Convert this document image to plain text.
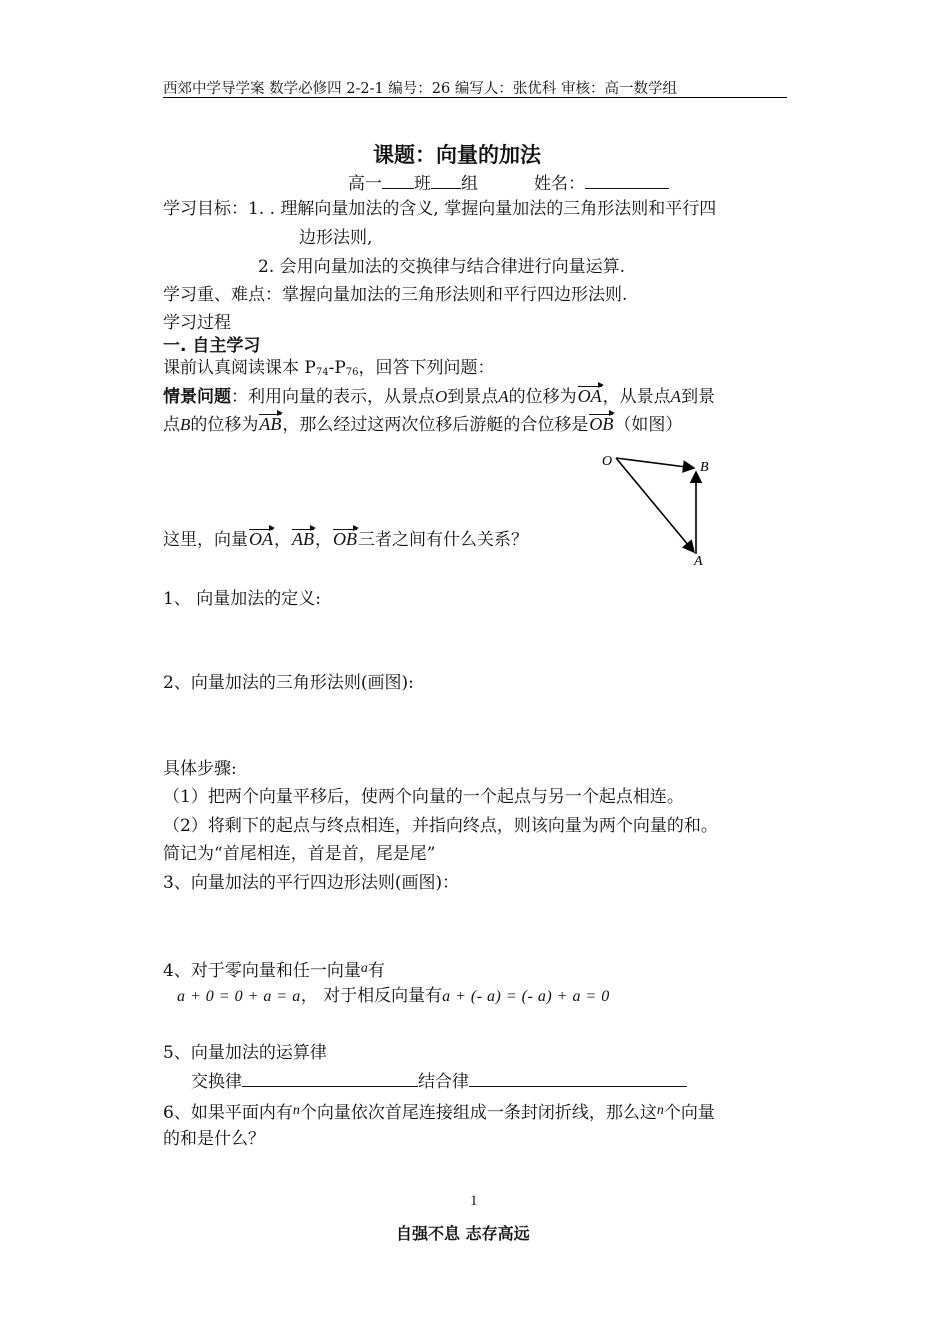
西郊中学导学案 数学必修四 2-2-1 编号：26 编写人：张优科 审核：高一数学组
课题：向量的加法
高一 班 组	姓名：
学习目标：1. . 理解向量加法的含义, 掌握向量加法的三角形法则和平行四
边形法则,
2. 会用向量加法的交换律与结合律进行向量运算.
学习重、难点：掌握向量加法的三角形法则和平行四边形法则.
学习过程
一. 自主学习
课前认真阅读课本 $P_{74}-P_{76}$，回答下列问题：
情景问题：利用向量的表示，从景点O到景点A的位移为OA，从景点A到景
点B的位移为AB，那么经过这两次位移后游艇的合位移是OB（如图）
O	B
A
这里，向量OA，AB，OB三者之间有什么关系？
1、 向量加法的定义:
2、向量加法的三角形法则(画图):
具体步骤:
（1）把两个向量平移后，使两个向量的一个起点与另一个起点相连。
（2）将剩下的起点与终点相连，并指向终点，则该向量为两个向量的和。
简记为“首尾相连，首是首，尾是尾”
3、向量加法的平行四边形法则(画图)：
4、对于零向量和任一向量$^a$有
a + 0 = 0 + a = a， 对于相反向量有a + (- a) = (- a) + a = 0
5、向量加法的运算律
交换律	结合律
6、如果平面内有$^n$个向量依次首尾连接组成一条封闭折线，那么这$^n$个向量
的和是什么？
1
自强不息 志存高远
